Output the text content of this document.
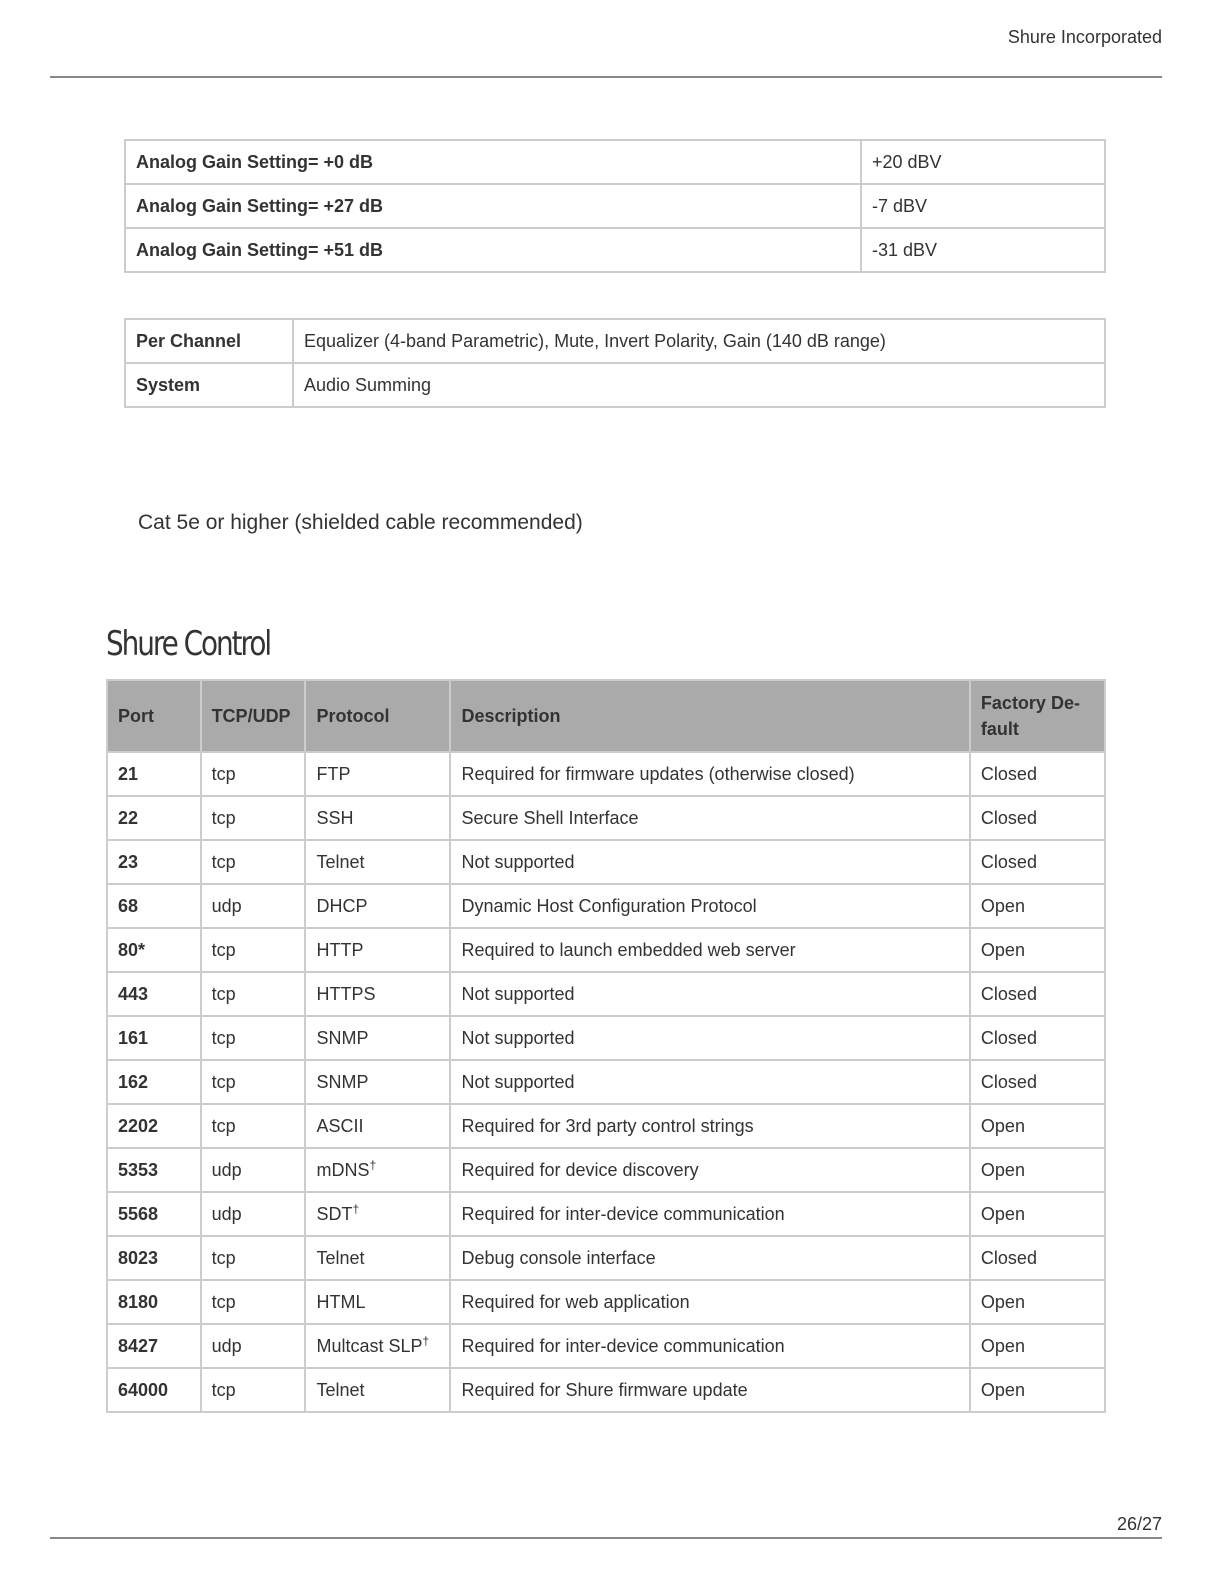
Shure Incorporated
Analog Gain Setting= +0 dB	+20 dBV
Analog Gain Setting= +27 dB	-7 dBV
Analog Gain Setting= +51 dB	-31 dBV
Per Channel	Equalizer (4-band Parametric), Mute, Invert Polarity, Gain (140 dB range)
System	Audio Summing
Cat 5e or higher (shielded cable recommended)
Shure Control
Port	TCP/UDP	Protocol	Description	Factory De-
fault
21	tcp	FTP	Required for firmware updates (otherwise closed)	Closed
22	tcp	SSH	Secure Shell Interface	Closed
23	tcp	Telnet	Not supported	Closed
68	udp	DHCP	Dynamic Host Configuration Protocol	Open
80*	tcp	HTTP	Required to launch embedded web server	Open
443	tcp	HTTPS	Not supported	Closed
161	tcp	SNMP	Not supported	Closed
162	tcp	SNMP	Not supported	Closed
2202	tcp	ASCII	Required for 3rd party control strings	Open
5353	udp	mDNS†	Required for device discovery	Open
5568	udp	SDT†	Required for inter-device communication	Open
8023	tcp	Telnet	Debug console interface	Closed
8180	tcp	HTML	Required for web application	Open
8427	udp	Multcast SLP†	Required for inter-device communication	Open
64000	tcp	Telnet	Required for Shure firmware update	Open
26/27
